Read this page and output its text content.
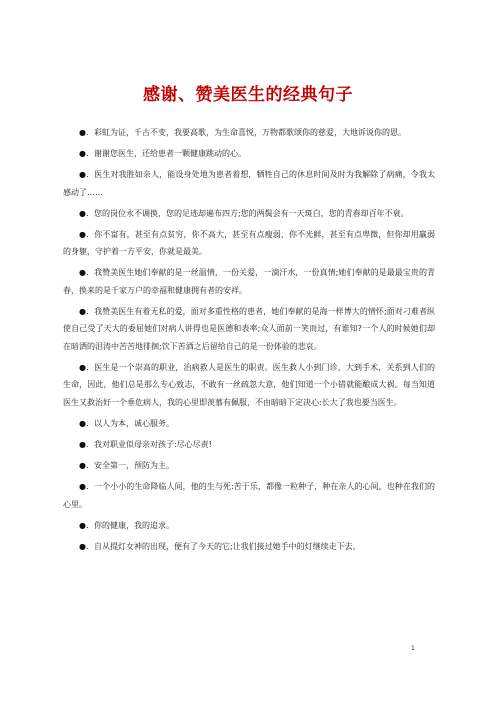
感谢、赞美医生的经典句子

●．彩虹为证，千古不变，我要高歌，为生命喜悦，万物都歌颂你的慈爱，大地诉说你的恩。

●．谢谢您医生，还给患者一颗健康跳动的心。

●．医生对我胜如亲人，能设身处地为患者着想，牺牲自己的休息时间及时为我解除了病痛，令我太感动了……

●．您的岗位永不调换，您的足迹却遍布四方;您的两鬓会有一天斑白，您的青春却百年不衰。

●．你不富有，甚至有点贫穷，你不高大，甚至有点瘦弱，你不光鲜，甚至有点卑微，但你却用羸弱的身躯，守护着一方平安，你就是最美。

●．我赞美医生她们奉献的是一丝温情，一份关爱，一滴汗水，一份真情;她们奉献的是最最宝贵的青春，换来的是千家万户的幸福和健康拥有者的安祥。

●．我赞美医生有着无私的爱，面对多重性格的患者，她们奉献的是海一样博大的情怀;面对刁难者纵使自己受了天大的委屈她们对病人讲得也是医德和表率;众人面前一笑而过，有谁知?一个人的时候她们却在暗洒的泪涛中苦苦地徘徊;饮下苦酒之后留给自己的是一份体验的悲哀。

●．医生是一个崇高的职业，治病救人是医生的职责。医生救人小到门诊，大到手术，关系到人们的生命，因此，他们总是那么专心致志，不敢有一丝疏忽大意，他们知道一个小错就能酿成大祸。每当知道医生又救治好一个垂危病人，我的心里即羡慕有佩服，不由暗暗下定决心:长大了我也要当医生。

●．以人为本，诚心服务。

●．我对职业似母亲对孩子:尽心尽责!

●．安全第一，预防为主。

●．一个小小的生命降临人间，他的生与死:苦于乐，都像一粒种子，种在亲人的心间，也种在我们的心里。

●．你的健康，我的追求。

●．自从提灯女神的出现，便有了今天的它;让我们接过她手中的灯继续走下去。

1
